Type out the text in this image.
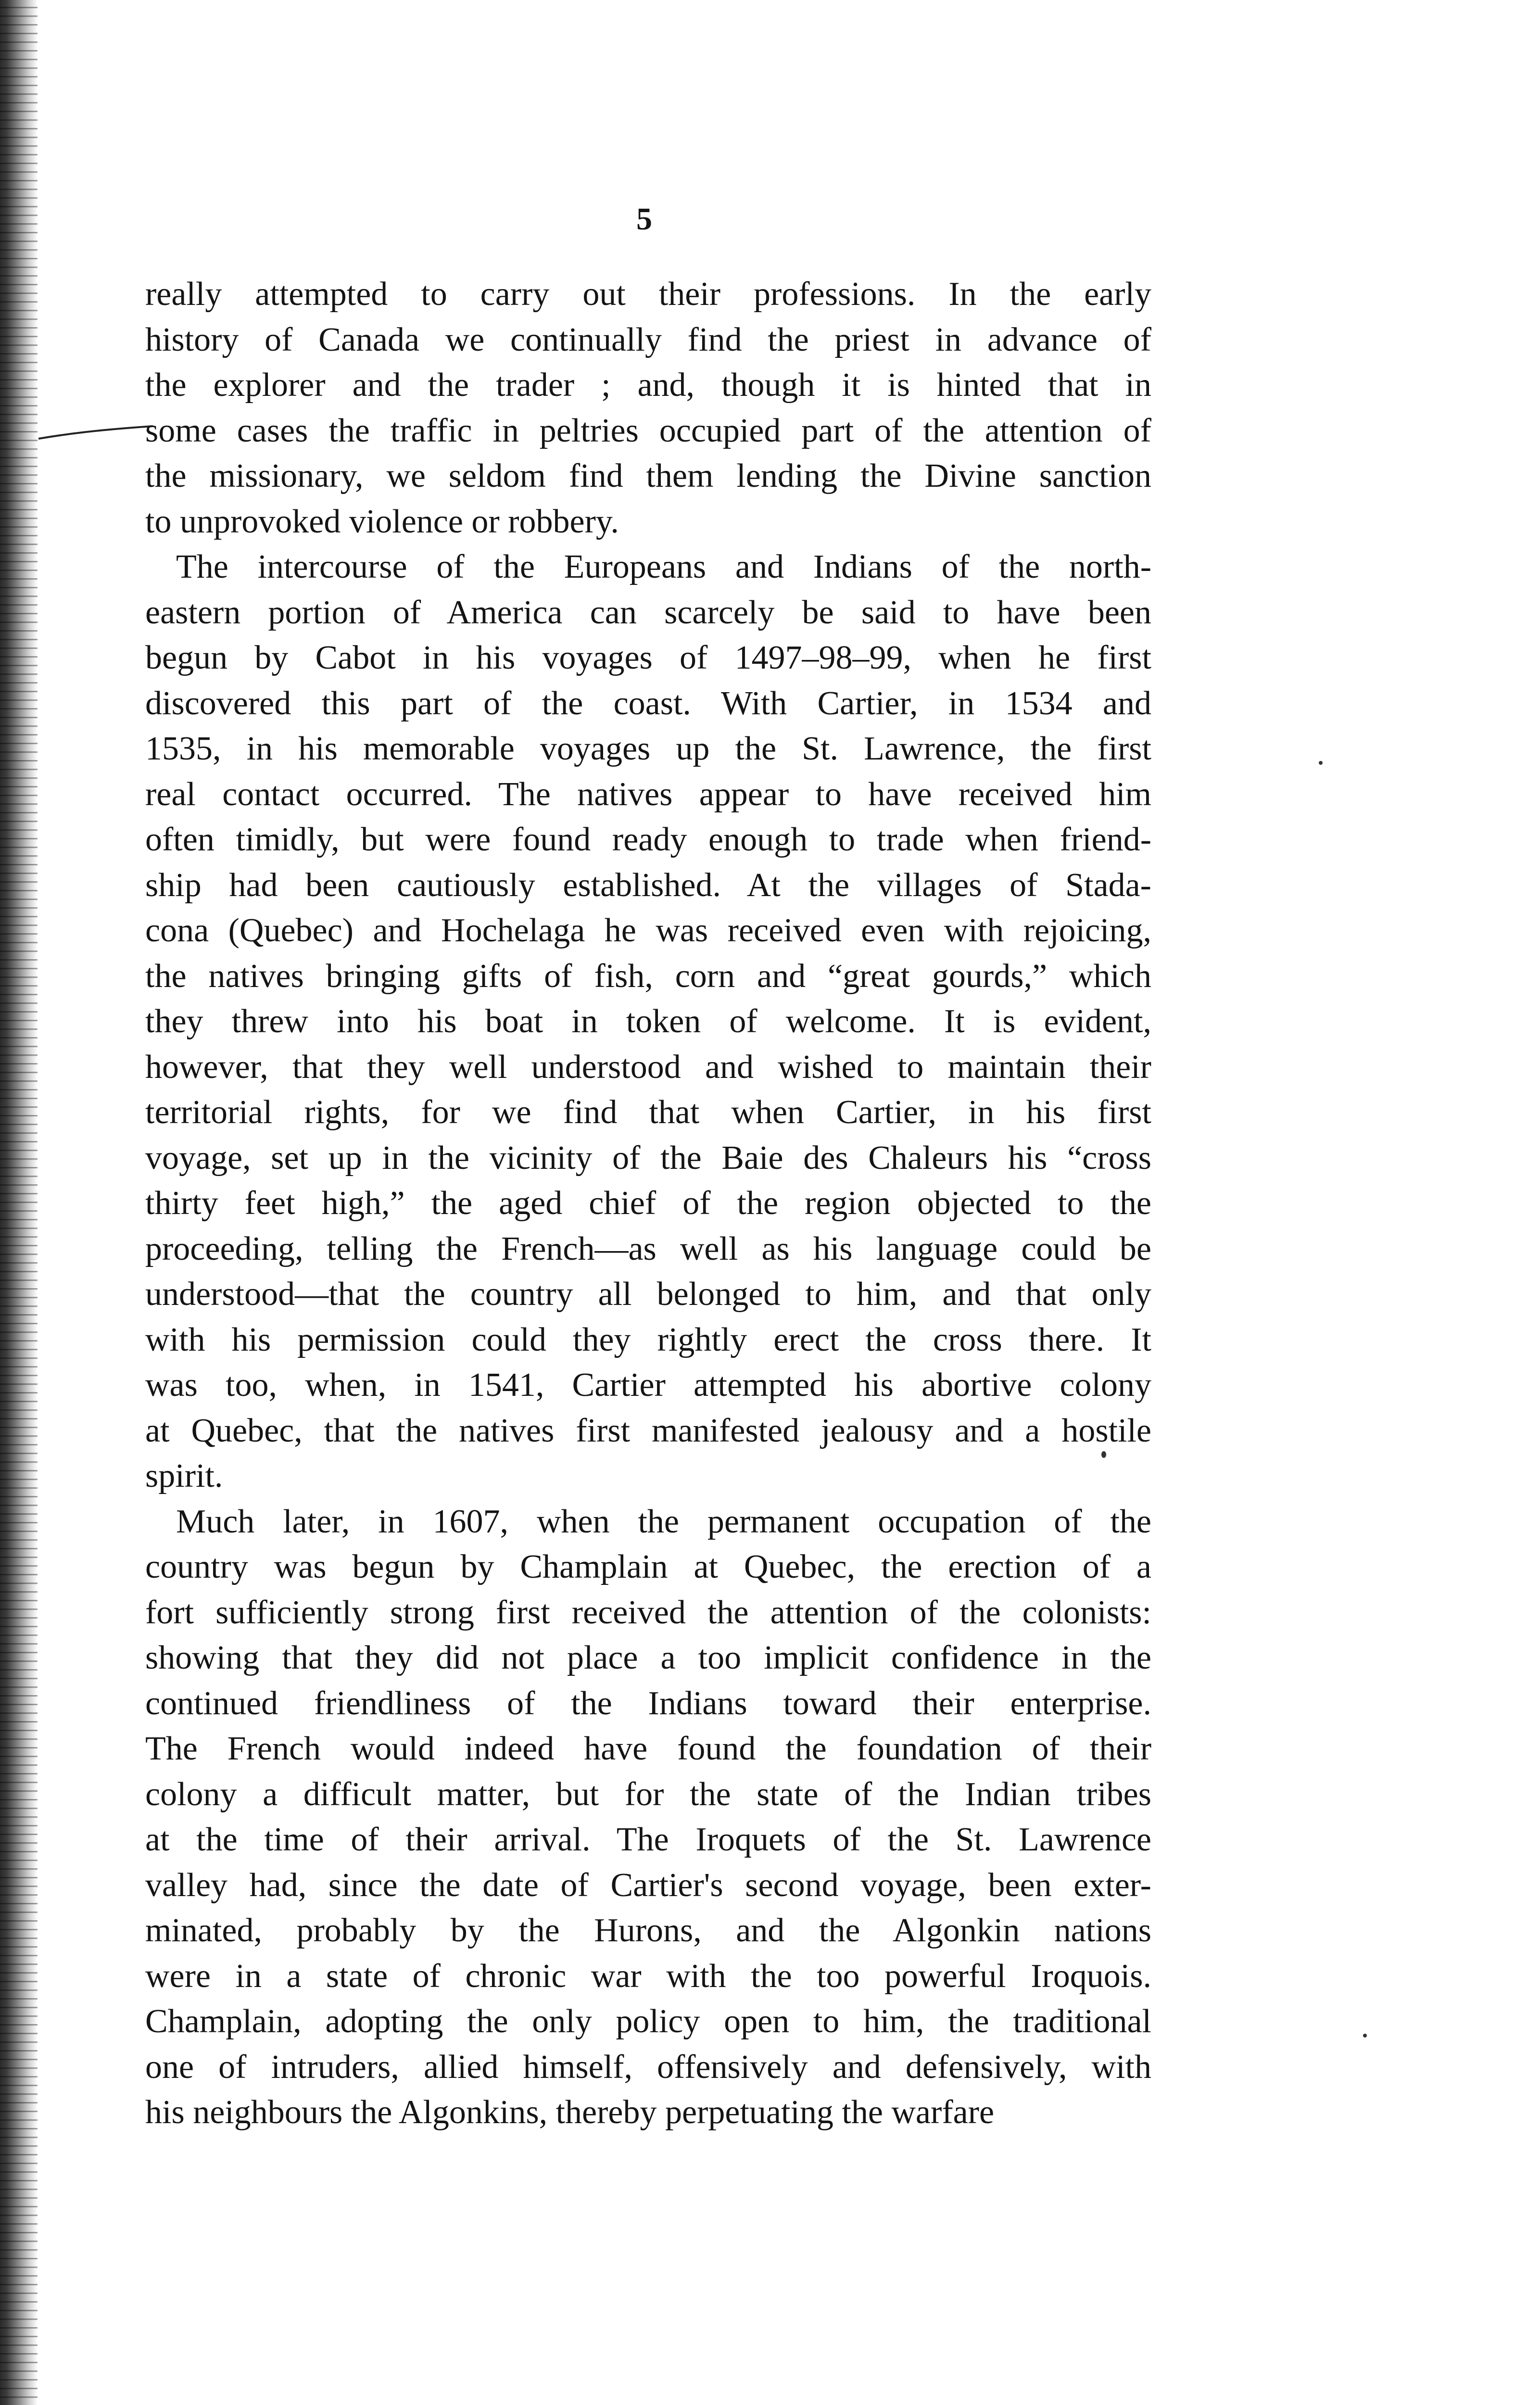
5
really attempted to carry out their professions. In the early
history of Canada we continually find the priest in advance of
the explorer and the trader ; and, though it is hinted that in
some cases the traffic in peltries occupied part of the attention of
the missionary, we seldom find them lending the Divine sanction
to unprovoked violence or robbery.
The intercourse of the Europeans and Indians of the north-
eastern portion of America can scarcely be said to have been
begun by Cabot in his voyages of 1497–98–99, when he first
discovered this part of the coast. With Cartier, in 1534 and
1535, in his memorable voyages up the St. Lawrence, the first
real contact occurred. The natives appear to have received him
often timidly, but were found ready enough to trade when friend-
ship had been cautiously established. At the villages of Stada-
cona (Quebec) and Hochelaga he was received even with rejoicing,
the natives bringing gifts of fish, corn and “great gourds,” which
they threw into his boat in token of welcome. It is evident,
however, that they well understood and wished to maintain their
territorial rights, for we find that when Cartier, in his first
voyage, set up in the vicinity of the Baie des Chaleurs his “cross
thirty feet high,” the aged chief of the region objected to the
proceeding, telling the French—as well as his language could be
understood—that the country all belonged to him, and that only
with his permission could they rightly erect the cross there. It
was too, when, in 1541, Cartier attempted his abortive colony
at Quebec, that the natives first manifested jealousy and a hostile
spirit.
Much later, in 1607, when the permanent occupation of the
country was begun by Champlain at Quebec, the erection of a
fort sufficiently strong first received the attention of the colonists:
showing that they did not place a too implicit confidence in the
continued friendliness of the Indians toward their enterprise.
The French would indeed have found the foundation of their
colony a difficult matter, but for the state of the Indian tribes
at the time of their arrival. The Iroquets of the St. Lawrence
valley had, since the date of Cartier's second voyage, been exter-
minated, probably by the Hurons, and the Algonkin nations
were in a state of chronic war with the too powerful Iroquois.
Champlain, adopting the only policy open to him, the traditional
one of intruders, allied himself, offensively and defensively, with
his neighbours the Algonkins, thereby perpetuating the warfare
